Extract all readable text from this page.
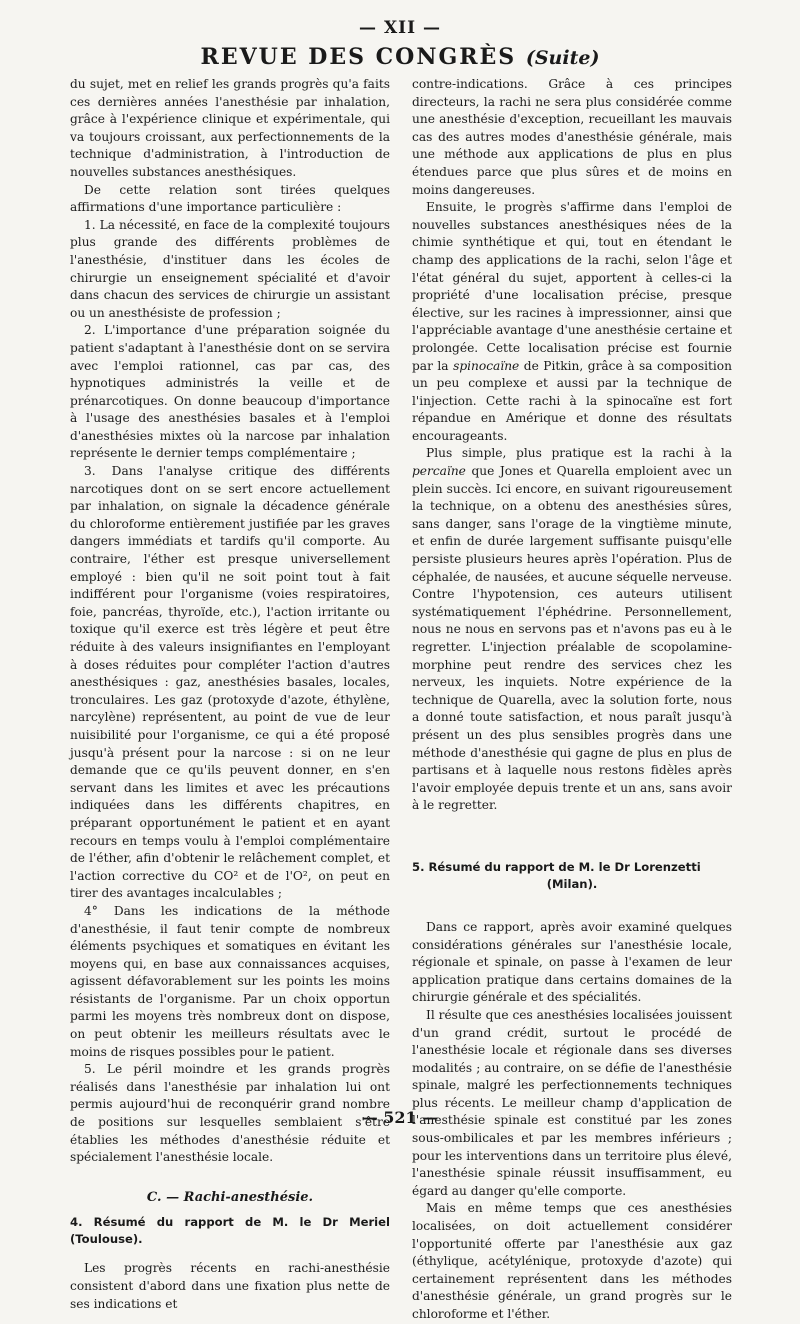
— XII —
REVUE DES CONGRÈS (Suite)

du sujet, met en relief les grands progrès qu'a faits ces dernières années l'anesthésie par inhalation, grâce à l'expérience clinique et expérimentale, qui va toujours croissant, aux perfectionnements de la technique d'administration, à l'introduction de nouvelles substances anesthésiques.

De cette relation sont tirées quelques affirmations d'une importance particulière :

1. La nécessité, en face de la complexité toujours plus grande des différents problèmes de l'anesthésie, d'instituer dans les écoles de chirurgie un enseignement spécialité et d'avoir dans chacun des services de chirurgie un assistant ou un anesthésiste de profession ;

2. L'importance d'une préparation soignée du patient s'adaptant à l'anesthésie dont on se servira avec l'emploi rationnel, cas par cas, des hypnotiques administrés la veille et de prénarcotiques. On donne beaucoup d'importance à l'usage des anesthésies basales et à l'emploi d'anesthésies mixtes où la narcose par inhalation représente le dernier temps complémentaire ;

3. Dans l'analyse critique des différents narcotiques dont on se sert encore actuellement par inhalation, on signale la décadence générale du chloroforme entièrement justifiée par les graves dangers immédiats et tardifs qu'il comporte. Au contraire, l'éther est presque universellement employé : bien qu'il ne soit point tout à fait indifférent pour l'organisme (voies respiratoires, foie, pancréas, thyroïde, etc.), l'action irritante ou toxique qu'il exerce est très légère et peut être réduite à des valeurs insignifiantes en l'employant à doses réduites pour compléter l'action d'autres anesthésiques : gaz, anesthésies basales, locales, tronculaires. Les gaz (protoxyde d'azote, éthylène, narcylène) représentent, au point de vue de leur nuisibilité pour l'organisme, ce qui a été proposé jusqu'à présent pour la narcose : si on ne leur demande que ce qu'ils peuvent donner, en s'en servant dans les limites et avec les précautions indiquées dans les différents chapitres, en préparant opportunément le patient et en ayant recours en temps voulu à l'emploi complémentaire de l'éther, afin d'obtenir le relâchement complet, et l'action corrective du CO² et de l'O², on peut en tirer des avantages incalculables ;

4° Dans les indications de la méthode d'anesthésie, il faut tenir compte de nombreux éléments psychiques et somatiques en évitant les moyens qui, en base aux connaissances acquises, agissent défavorablement sur les points les moins résistants de l'organisme. Par un choix opportun parmi les moyens très nombreux dont on dispose, on peut obtenir les meilleurs résultats avec le moins de risques possibles pour le patient.

5. Le péril moindre et les grands progrès réalisés dans l'anesthésie par inhalation lui ont permis aujourd'hui de reconquérir grand nombre de positions sur lesquelles semblaient s'être établies les méthodes d'anesthésie réduite et spécialement l'anesthésie locale.

C. — Rachi-anesthésie.

4. Résumé du rapport de M. le Dr Meriel (Toulouse).

Les progrès récents en rachi-anesthésie consistent d'abord dans une fixation plus nette de ses indications et

contre-indications. Grâce à ces principes directeurs, la rachi ne sera plus considérée comme une anesthésie d'exception, recueillant les mauvais cas des autres modes d'anesthésie générale, mais une méthode aux applications de plus en plus étendues parce que plus sûres et de moins en moins dangereuses.

Ensuite, le progrès s'affirme dans l'emploi de nouvelles substances anesthésiques nées de la chimie synthétique et qui, tout en étendant le champ des applications de la rachi, selon l'âge et l'état général du sujet, apportent à celles-ci la propriété d'une localisation précise, presque élective, sur les racines à impressionner, ainsi que l'appréciable avantage d'une anesthésie certaine et prolongée. Cette localisation précise est fournie par la spinocaïne de Pitkin, grâce à sa composition un peu complexe et aussi par la technique de l'injection. Cette rachi à la spinocaïne est fort répandue en Amérique et donne des résultats encourageants.

Plus simple, plus pratique est la rachi à la percaïne que Jones et Quarella emploient avec un plein succès. Ici encore, en suivant rigoureusement la technique, on a obtenu des anesthésies sûres, sans danger, sans l'orage de la vingtième minute, et enfin de durée largement suffisante puisqu'elle persiste plusieurs heures après l'opération. Plus de céphalée, de nausées, et aucune séquelle nerveuse. Contre l'hypotension, ces auteurs utilisent systématiquement l'éphédrine. Personnellement, nous ne nous en servons pas et n'avons pas eu à le regretter. L'injection préalable de scopolamine-morphine peut rendre des services chez les nerveux, les inquiets. Notre expérience de la technique de Quarella, avec la solution forte, nous a donné toute satisfaction, et nous paraît jusqu'à présent un des plus sensibles progrès dans une méthode d'anesthésie qui gagne de plus en plus de partisans et à laquelle nous restons fidèles après l'avoir employée depuis trente et un ans, sans avoir à le regretter.

5. Résumé du rapport de M. le Dr Lorenzetti
(Milan).

Dans ce rapport, après avoir examiné quelques considérations générales sur l'anesthésie locale, régionale et spinale, on passe à l'examen de leur application pratique dans certains domaines de la chirurgie générale et des spécialités.

Il résulte que ces anesthésies localisées jouissent d'un grand crédit, surtout le procédé de l'anesthésie locale et régionale dans ses diverses modalités ; au contraire, on se défie de l'anesthésie spinale, malgré les perfectionnements techniques plus récents. Le meilleur champ d'application de l'anesthésie spinale est constitué par les zones sous-ombilicales et par les membres inférieurs ; pour les interventions dans un territoire plus élevé, l'anesthésie spinale réussit insuffisamment, eu égard au danger qu'elle comporte.

Mais en même temps que ces anesthésies localisées, on doit actuellement considérer l'opportunité offerte par l'anesthésie aux gaz (éthylique, acétylénique, protoxyde d'azote) qui certainement représentent dans les méthodes d'anesthésie générale, un grand progrès sur le chloroforme et l'éther.

— 521 —
